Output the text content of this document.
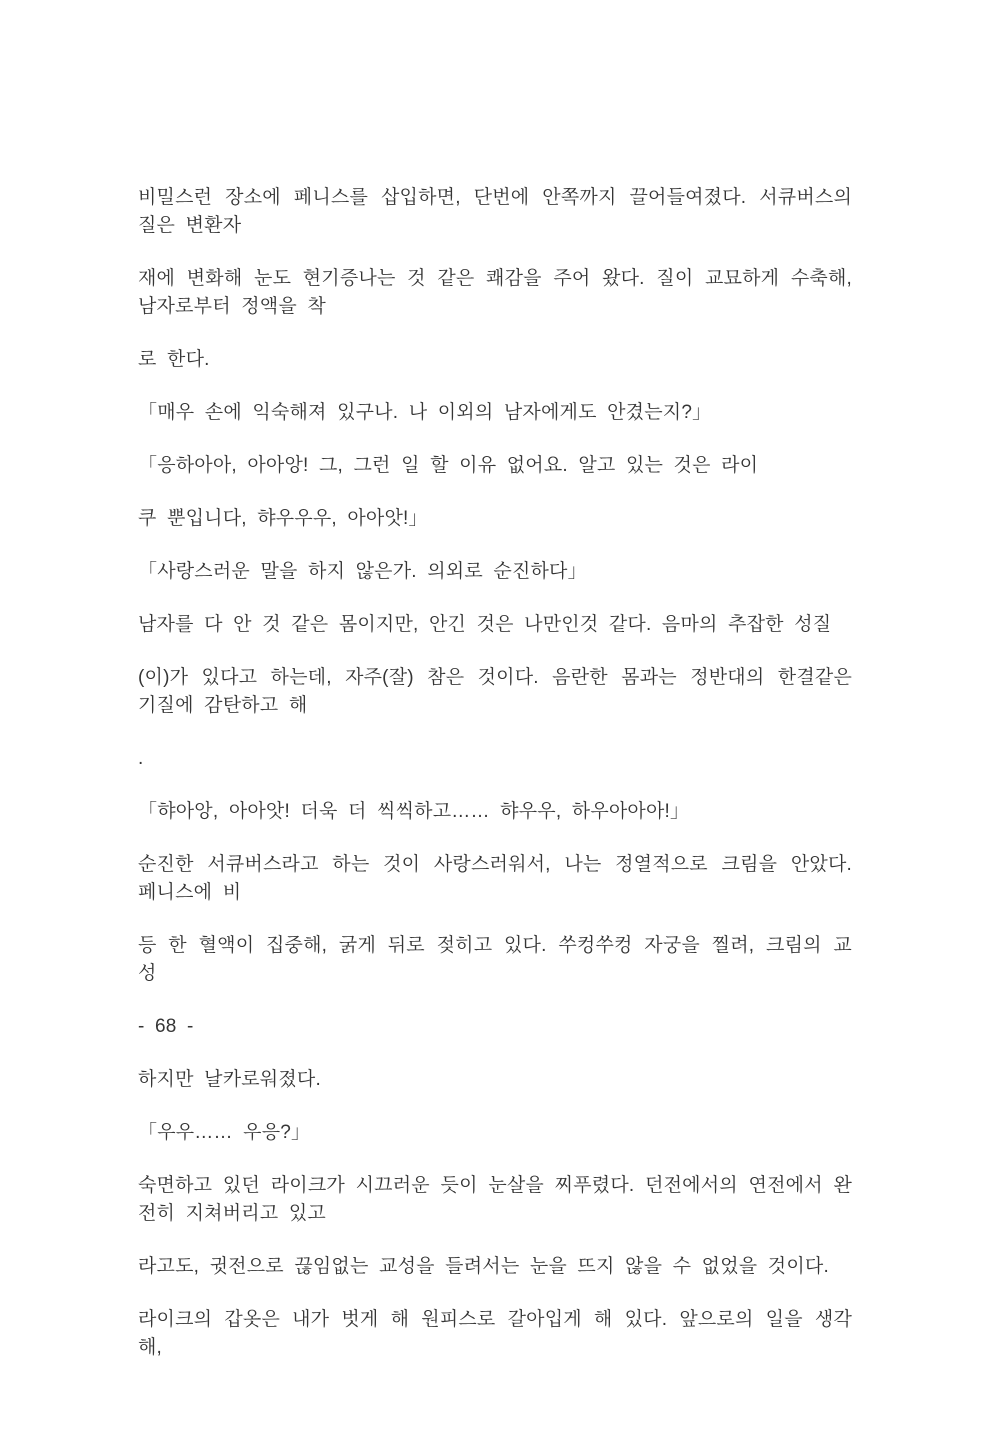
비밀스런 장소에 페니스를 삽입하면, 단번에 안쪽까지 끌어들여졌다. 서큐버스의 질은 변환자

재에 변화해 눈도 현기증나는 것 같은 쾌감을 주어 왔다. 질이 교묘하게 수축해, 남자로부터 정액을 착

로 한다.

「매우 손에 익숙해져 있구나. 나 이외의 남자에게도 안겼는지?」

「응하아아, 아아앙! 그, 그런 일 할 이유 없어요. 알고 있는 것은 라이

쿠 뿐입니다, 햐우우우, 아아앗!」

「사랑스러운 말을 하지 않은가. 의외로 순진하다」

남자를 다 안 것 같은 몸이지만, 안긴 것은 나만인것 같다. 음마의 추잡한 성질

(이)가 있다고 하는데, 자주(잘) 참은 것이다. 음란한 몸과는 정반대의 한결같은 기질에 감탄하고 해

.

「햐아앙, 아아앗! 더욱 더 씩씩하고…… 햐우우, 하우아아아!」

순진한 서큐버스라고 하는 것이 사랑스러워서, 나는 정열적으로 크림을 안았다. 페니스에 비

등 한 혈액이 집중해, 굵게 뒤로 젖히고 있다. 쑤컹쑤컹 자궁을 찔려, 크림의 교성

- 68 -

하지만 날카로워졌다.

「우우…… 우응?」

숙면하고 있던 라이크가 시끄러운 듯이 눈살을 찌푸렸다. 던전에서의 연전에서 완전히 지쳐버리고 있고

라고도, 귓전으로 끊임없는 교성을 들려서는 눈을 뜨지 않을 수 없었을 것이다.

라이크의 갑옷은 내가 벗게 해 원피스로 갈아입게 해 있다. 앞으로의 일을 생각해,
